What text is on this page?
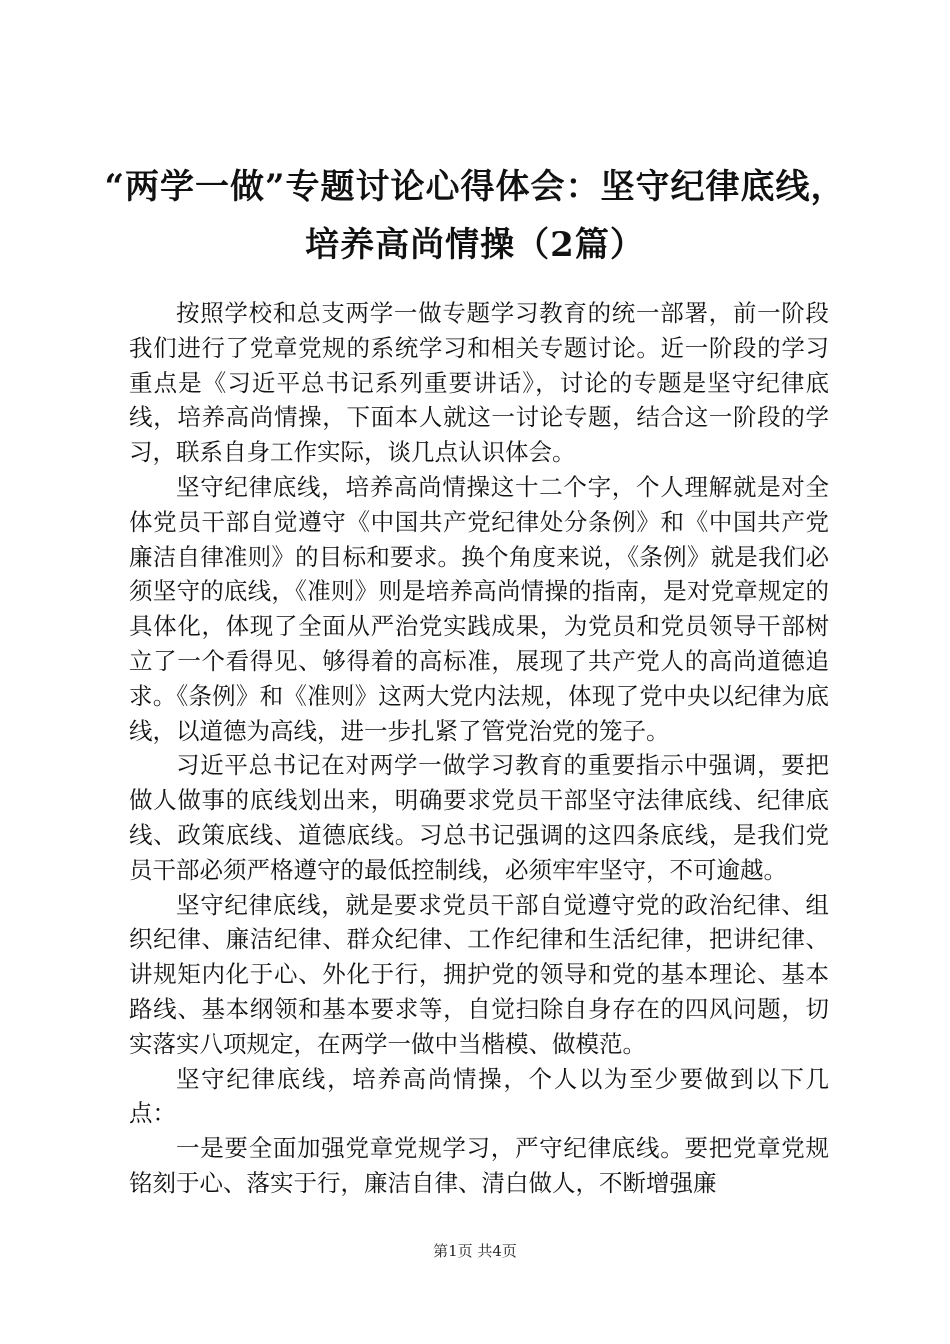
“两学一做”专题讨论心得体会：坚守纪律底线，培养高尚情操（2篇）

按照学校和总支两学一做专题学习教育的统一部署，前一阶段我们进行了党章党规的系统学习和相关专题讨论。近一阶段的学习重点是《习近平总书记系列重要讲话》，讨论的专题是坚守纪律底线，培养高尚情操，下面本人就这一讨论专题，结合这一阶段的学习，联系自身工作实际，谈几点认识体会。

坚守纪律底线，培养高尚情操这十二个字，个人理解就是对全体党员干部自觉遵守《中国共产党纪律处分条例》和《中国共产党廉洁自律准则》的目标和要求。换个角度来说，《条例》就是我们必须坚守的底线，《准则》则是培养高尚情操的指南，是对党章规定的具体化，体现了全面从严治党实践成果，为党员和党员领导干部树立了一个看得见、够得着的高标准，展现了共产党人的高尚道德追求。《条例》和《准则》这两大党内法规，体现了党中央以纪律为底线，以道德为高线，进一步扎紧了管党治党的笼子。

习近平总书记在对两学一做学习教育的重要指示中强调，要把做人做事的底线划出来，明确要求党员干部坚守法律底线、纪律底线、政策底线、道德底线。习总书记强调的这四条底线，是我们党员干部必须严格遵守的最低控制线，必须牢牢坚守，不可逾越。

坚守纪律底线，就是要求党员干部自觉遵守党的政治纪律、组织纪律、廉洁纪律、群众纪律、工作纪律和生活纪律，把讲纪律、讲规矩内化于心、外化于行，拥护党的领导和党的基本理论、基本路线、基本纲领和基本要求等，自觉扫除自身存在的四风问题，切实落实八项规定，在两学一做中当楷模、做模范。

坚守纪律底线，培养高尚情操，个人以为至少要做到以下几点：

一是要全面加强党章党规学习，严守纪律底线。要把党章党规铭刻于心、落实于行，廉洁自律、清白做人，不断增强廉

第1页 共4页
